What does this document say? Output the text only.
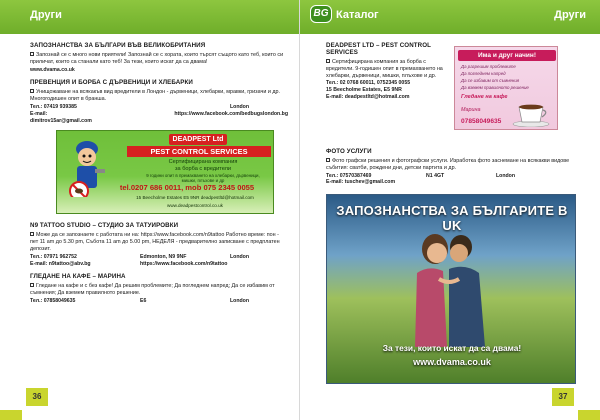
Други
ЗАПОЗНАНСТВА ЗА БЪЛГАРИ ВЪВ ВЕЛИКОБРИТАНИЯ

Запознай се с много нови приятели! Запознай се с хората, които търсят същото като теб, които си приличат, които са станали като теб! За тези, които искат да са двама!

www.dvama.co.uk
ПРЕВЕНЦИЯ И БОРБА С ДЪРВЕНИЦИ И ХЛЕБАРКИ

Унищожаване на всякакъв вид вредители в Лондон - дървеници, хлебарки, мравки, гризачи и др. Многогодишен опит в бранша.

Тел.: 07419 939385	London
E-mail: dimitrov15ar@gmail.com
https://www.facebook.com/bedbugslondon.bg
DEADPEST Ltd
PEST CONTROL SERVICES
Сертифицирана компания
за борба с вредители
9 години опит в премахването на хлебарки, дървеници, мишки, плъхове и др
tel.0207 686 0011, mob 075 2345 0055
15 Beecholme Estates E5 9NR deadpestltd@hotmail.com
www.deadpestcontrol.co.uk
N9 TATTOO STUDIO – СТУДИО ЗА ТАТУИРОВКИ

Може да се запознаете с работата ни на: https://www.facebook.com/n9tattoo Работно време: пон - пет 11 am до 5.30 pm, Събота 11 am до 5.00 pm, НЕДЕЛЯ - предварително записване с предплатен депозит.

Тел.: 07971 962752	Edmonton, N9 9NF	London
E-mail: n9tattoo@abv.bg	https://www.facebook.com/n9tattoo
ГЛЕДАНЕ НА КАФЕ – МАРИНА

Гледане на кафе и с без кафе! Да решим проблемите; Да погледнем напред; Да се избавим от съмнения; Да вземем правилното решение.

Тел.: 07858049635	E6	London
36
BG Каталог	Други
DEADPEST LTD – PEST CONTROL SERVICES

Сертифицирана компания за борба с вредители. 9-годишен опит в премахването на хлебарки, дървеници, мишки, плъхове и др.

Тел.: 02 0768 60011, 0752345 0055
15 Beecholme Estates, E5 9NR
E-mail: deadpestltd@hotmail.com
Има и друг начин!
Да разрешим проблемите
Да погледнем напред
Да се избавим от съмнения
Да вземем правилното решение
Гледане на кафе
Марина
07858049635
ФОТО УСЛУГИ

Фото графски решения и фотографски услуги. Изработка фото заснемане на всякакви видове събития: сватби, рождени дни, детски партита и др.

Тел.: 07570387469	N1 4GT	London
E-mail: tuschev@gmail.com
ЗАПОЗНАНСТВА ЗА БЪЛГАРИТЕ В UK
За тези, които искат да са двама!
www.dvama.co.uk
37
